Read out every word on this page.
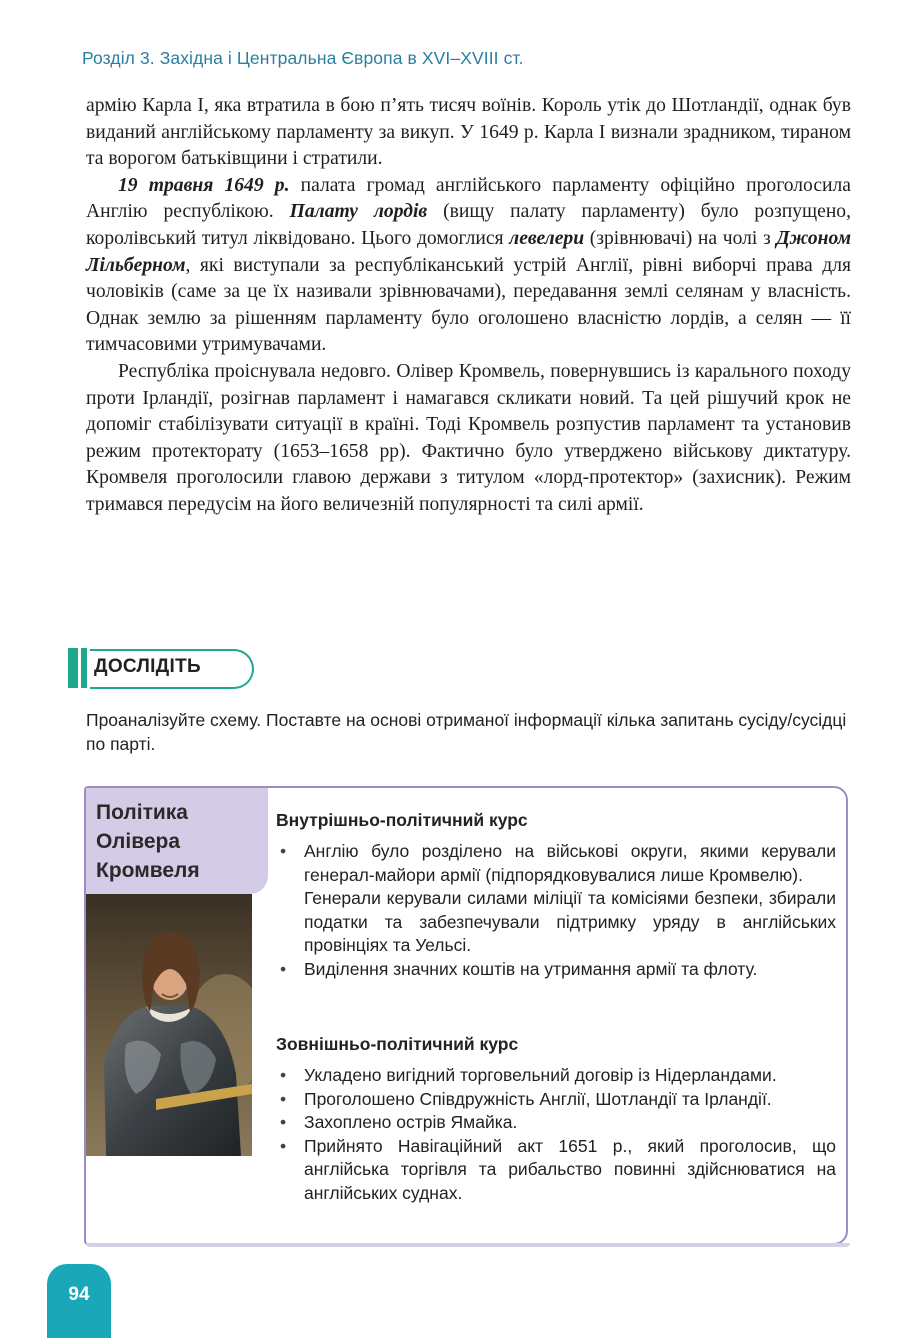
Розділ 3. Західна і Центральна Європа в XVI–XVIII ст.

армію Карла I, яка втратила в бою п’ять тисяч воїнів. Король утік до Шотландії, однак був виданий англійському парламенту за викуп. У 1649 р. Карла I визнали зрадником, тираном та ворогом батьківщини і стратили.

19 травня 1649 р. палата громад англійського парламенту офіційно проголосила Англію республікою. Палату лордів (вищу палату парламенту) було розпущено, королівський титул ліквідовано. Цього домоглися левелери (зрівнювачі) на чолі з Джоном Лільберном, які виступали за республіканський устрій Англії, рівні виборчі права для чоловіків (саме за це їх називали зрівнювачами), передавання землі селянам у власність. Однак землю за рішенням парламенту було оголошено власністю лордів, а селян — її тимчасовими утримувачами.

Республіка проіснувала недовго. Олівер Кромвель, повернувшись із карального походу проти Ірландії, розігнав парламент і намагався скликати новий. Та цей рішучий крок не допоміг стабілізувати ситуації в країні. Тоді Кромвель розпустив парламент та установив режим протекторату (1653–1658 рр). Фактично було утверджено військову диктатуру. Кромвеля проголосили главою держави з титулом «лорд-протектор» (захисник). Режим тримався передусім на його величезній популярності та силі армії.

ДОСЛІДІТЬ
Проаналізуйте схему. Поставте на основі отриманої інформації кілька запитань сусіду/сусідці по парті.
Політика
Олівера
Кромвеля
Внутрішньо-політичний курс
• Англію було розділено на військові округи, якими керували генерал-майори армії (підпорядковувалися лише Кромвелю).
Генерали керували силами міліції та комісіями безпеки, збирали податки та забезпечували підтримку уряду в англійських провінціях та Уельсі.
• Виділення значних коштів на утримання армії та флоту.
Зовнішньо-політичний курс
• Укладено вигідний торговельний договір із Нідерландами.
• Проголошено Співдружність Англії, Шотландії та Ірландії.
• Захоплено острів Ямайка.
• Прийнято Навігаційний акт 1651 р., який проголосив, що англійська торгівля та рибальство повинні здійснюватися на англійських суднах.
94
